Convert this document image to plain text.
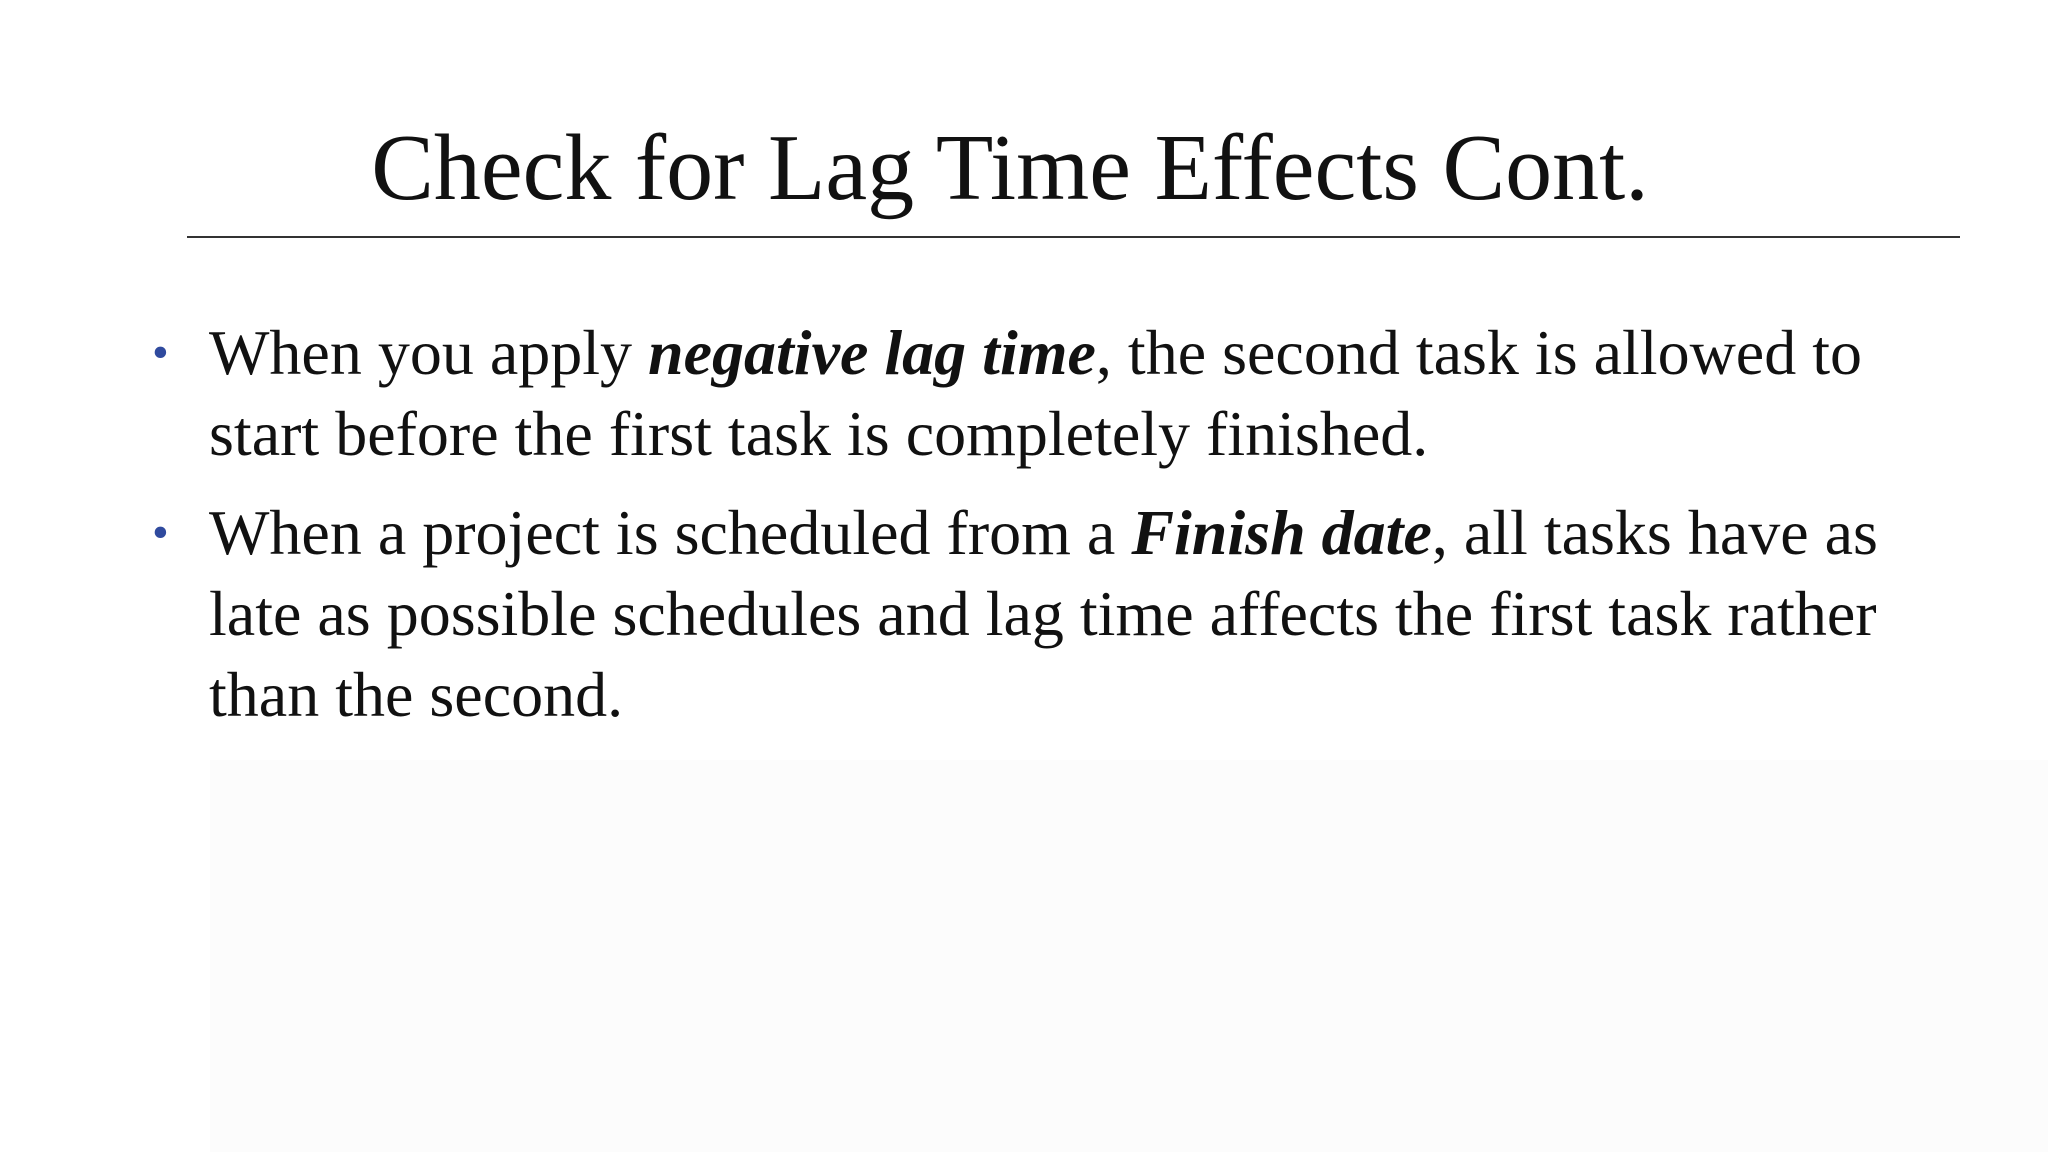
Check for Lag Time Effects Cont.
• When you apply negative lag time, the second task is allowed to start before the first task is completely finished.
• When a project is scheduled from a Finish date, all tasks have as late as possible schedules and lag time affects the first task rather than the second.
